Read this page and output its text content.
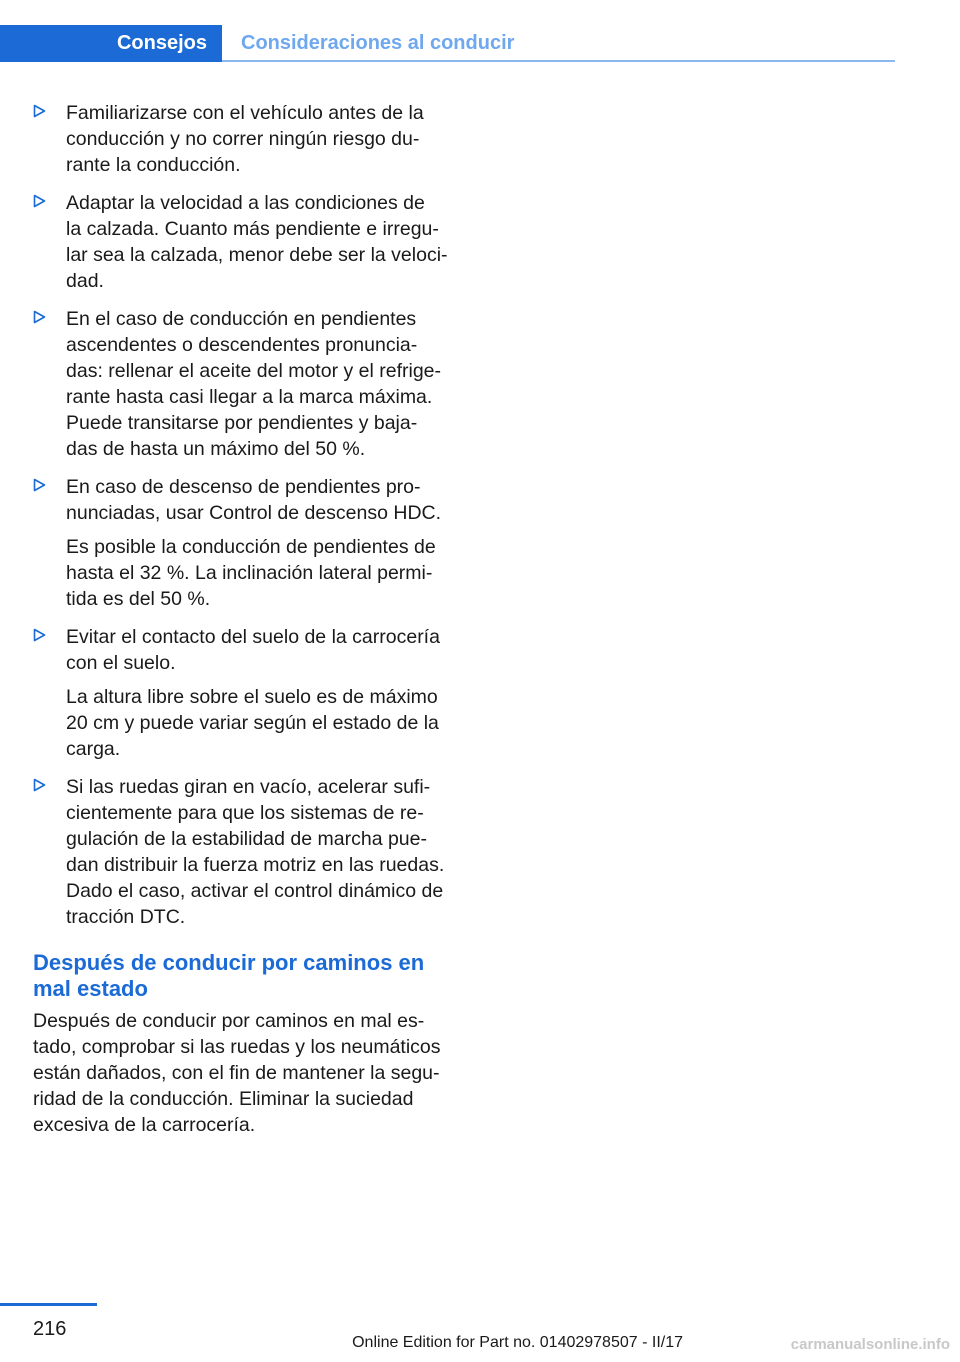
Consejos	Consideraciones al conducir

Familiarizarse con el vehículo antes de la
conducción y no correr ningún riesgo du-
rante la conducción.

Adaptar la velocidad a las condiciones de
la calzada. Cuanto más pendiente e irregu-
lar sea la calzada, menor debe ser la veloci-
dad.

En el caso de conducción en pendientes
ascendentes o descendentes pronuncia-
das: rellenar el aceite del motor y el refrige-
rante hasta casi llegar a la marca máxima.
Puede transitarse por pendientes y baja-
das de hasta un máximo del 50 %.

En caso de descenso de pendientes pro-
nunciadas, usar Control de descenso HDC.

Es posible la conducción de pendientes de
hasta el 32 %. La inclinación lateral permi-
tida es del 50 %.

Evitar el contacto del suelo de la carrocería
con el suelo.

La altura libre sobre el suelo es de máximo
20 cm y puede variar según el estado de la
carga.

Si las ruedas giran en vacío, acelerar sufi-
cientemente para que los sistemas de re-
gulación de la estabilidad de marcha pue-
dan distribuir la fuerza motriz en las ruedas.
Dado el caso, activar el control dinámico de
tracción DTC.

Después de conducir por caminos en
mal estado

Después de conducir por caminos en mal es-
tado, comprobar si las ruedas y los neumáticos
están dañados, con el fin de mantener la segu-
ridad de la conducción. Eliminar la suciedad
excesiva de la carrocería.

216
Online Edition for Part no. 01402978507 - II/17	carmanualsonline.info
